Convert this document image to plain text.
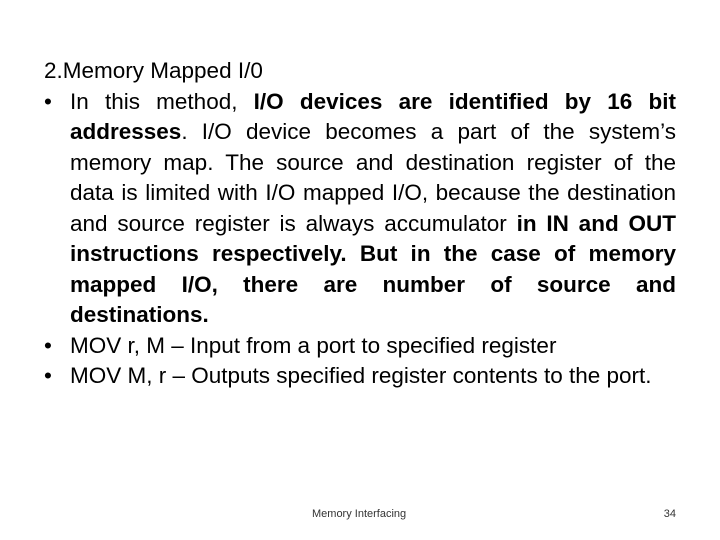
2.Memory Mapped I/0

• In this method, I/O devices are identified by 16 bit addresses. I/O device becomes a part of the system’s memory map. The source and destination register of the data is limited with I/O mapped I/O, because the destination and source register is always accumulator in IN and OUT instructions respectively. But in the case of memory mapped I/O, there are number of source and destinations.
• MOV r, M – Input from a port to specified register
• MOV M, r – Outputs specified register contents to the port.
Memory Interfacing	34
